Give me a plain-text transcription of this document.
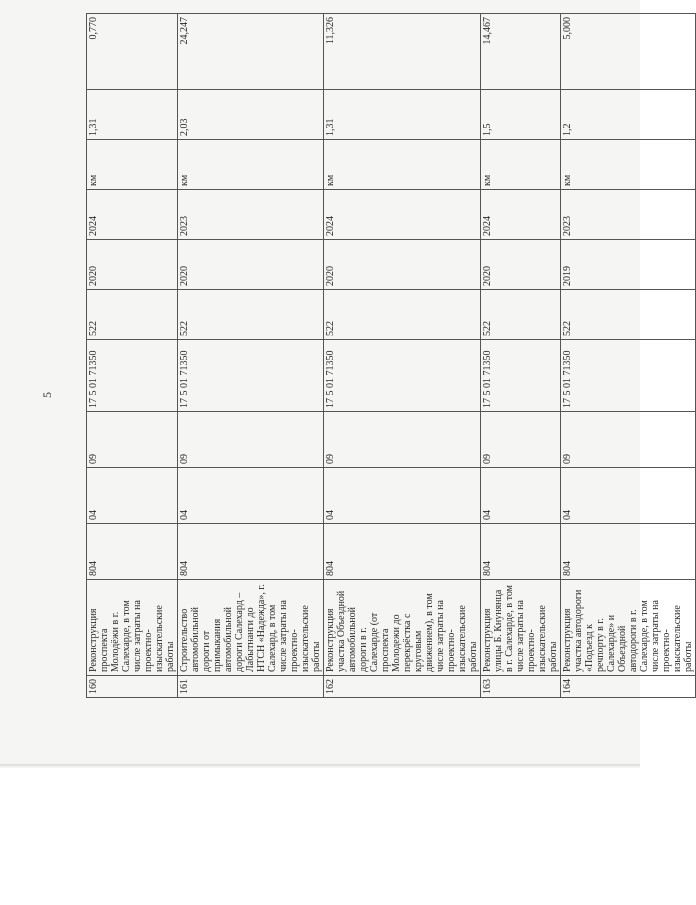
5
160	Реконструкция проспекта Молодёжи в г. Салехарде, в том числе затраты на проектно-изыскательские работы	804	04	09	17 5 01 71350	522	2020	2024	км	1,31	0,770
161	Строительство автомобильной дороги от примыкания автомобильной дороги Салехард – Лабытнанги до НТСН «Надежда», г. Салехард, в том числе затраты на проектно-изыскательские работы	804	04	09	17 5 01 71350	522	2020	2023	км	2,03	24,247
162	Реконструкция участка Объездной автомобильной дороги в г. Салехарде (от проспекта Молодежи до перекрёстка с круговым движением), в том числе затраты на проектно-изыскательские работы	804	04	09	17 5 01 71350	522	2020	2024	км	1,31	11,326
163	Реконструкция улицы Б. Кнунянца в г. Салехарде, в том числе затраты на проектно-изыскательские работы	804	04	09	17 5 01 71350	522	2020	2024	км	1,5	14,467
164	Реконструкция участка автодороги «Подъезд к речпорту в г. Салехарде» и Объездной автодороги в г. Салехарде, в том числе затраты на проектно-изыскательские работы	804	04	09	17 5 01 71350	522	2019	2023	км	1,2	5,000
